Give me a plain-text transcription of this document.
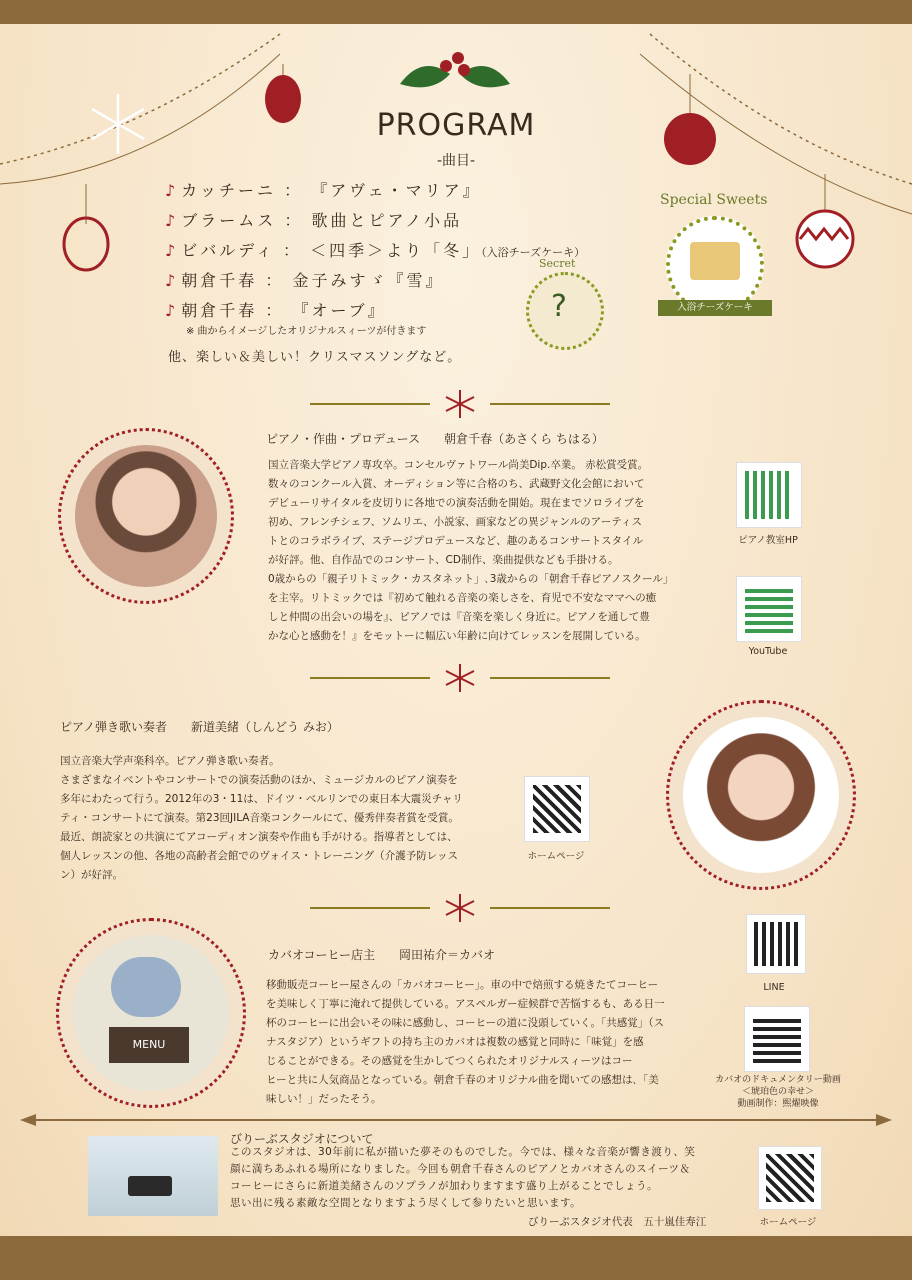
PROGRAM
-曲目-
♪ カッチーニ ： 『アヴェ・マリア』
♪ ブラームス ： 歌曲とピアノ小品
♪ ビバルディ ： ＜四季＞より「冬」（入浴チーズケーキ）
♪ 朝倉千春 ： 金子みすゞ『雪』
♪ 朝倉千春 ： 『オーブ』
※ 曲からイメージしたオリジナルスィーツが付きます
他、楽しい＆美しい！クリスマスソングなど。
Secret
?
Special Sweets
入浴チーズケーキ
ピアノ・作曲・プロデュース　　朝倉千春（あさくら ちはる）
国立音楽大学ピアノ専攻卒。コンセルヴァトワール尚美Dip.卒業。 赤松賞受賞。
数々のコンクール入賞、オーディション等に合格のち、武蔵野文化会館において
デビューリサイタルを皮切りに各地での演奏活動を開始。現在までソロライブを
初め、フレンチシェフ、ソムリエ、小説家、画家などの異ジャンルのアーティス
トとのコラボライブ、ステージプロデュースなど、趣のあるコンサートスタイル
が好評。他、自作品でのコンサート、CD制作、楽曲提供なども手掛ける。
0歳からの「親子リトミック・カスタネット」､3歳からの「朝倉千春ピアノスクール」
を主宰。リトミックでは『初めて触れる音楽の楽しさを、育児で不安なママへの癒
しと仲間の出会いの場を』、ピアノでは『音楽を楽しく身近に。ピアノを通して豊
かな心と感動を！』をモットーに幅広い年齢に向けてレッスンを展開している。
ピアノ教室HP
YouTube
ピアノ弾き歌い奏者　　新道美緒（しんどう みお）
国立音楽大学声楽科卒。ピアノ弾き歌い奏者。
さまざまなイベントやコンサートでの演奏活動のほか、ミュージカルのピアノ演奏を
多年にわたって行う。2012年の3・11は、ドイツ・ベルリンでの東日本大震災チャリ
ティ・コンサートにて演奏。第23回JILA音楽コンクールにて、優秀伴奏者賞を受賞。
最近、朗読家との共演にてアコーディオン演奏や作曲も手がける。指導者としては、
個人レッスンの他、各地の高齢者会館でのヴォイス・トレーニング（介護予防レッス
ン）が好評。
ホームページ
カバオコーヒー店主　　岡田祐介＝カバオ
MENU
移動販売コーヒー屋さんの「カバオコーヒー」。車の中で焙煎する焼きたてコーヒー
を美味しく丁寧に淹れて提供している。アスペルガー症候群で苦悩するも、ある日一
杯のコーヒーに出会いその味に感動し、コーヒーの道に没頭していく。「共感覚」（ス
ナスタジア）というギフトの持ち主のカバオは複数の感覚と同時に「味覚」を感
じることができる。その感覚を生かしてつくられたオリジナルスィーツはコー
ヒーと共に人気商品となっている。朝倉千春のオリジナル曲を聞いての感想は､「美
味しい！」だったそう。
LINE
カバオのドキュメンタリー動画
＜琥珀色の幸せ＞
動画制作：煕燿映像
びりーぶスタジオについて
このスタジオは、30年前に私が描いた夢そのものでした。今では、様々な音楽が響き渡り、笑
顔に満ちあふれる場所になりました。今回も朝倉千春さんのピアノとカバオさんのスイーツ＆
コーヒーにさらに新道美緒さんのソプラノが加わりますます盛り上がることでしょう。
思い出に残る素敵な空間となりますよう尽くして参りたいと思います。
びりーぶスタジオ代表　五十嵐佳寿江	ホームページ
